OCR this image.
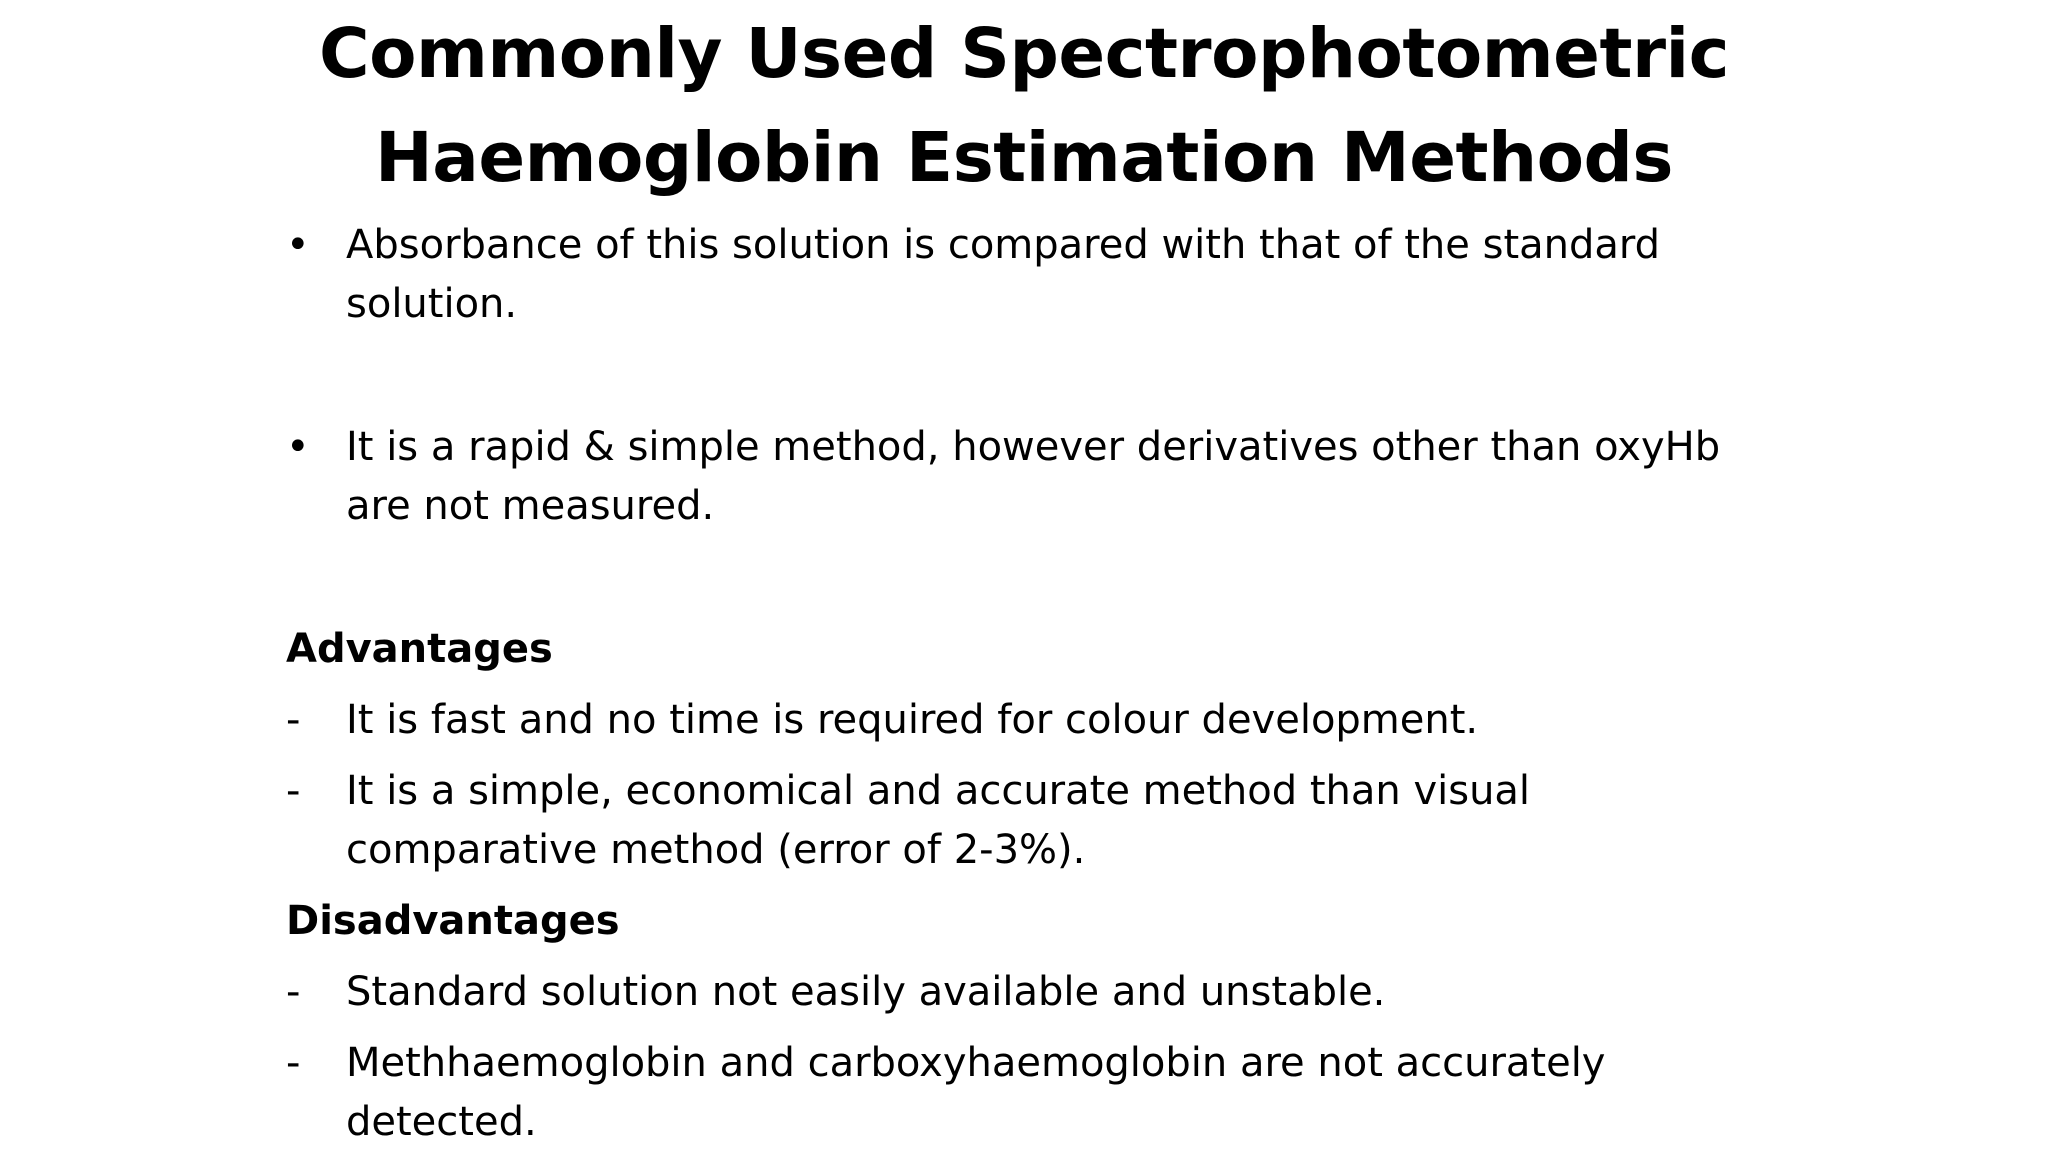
Commonly Used Spectrophotometric
Haemoglobin Estimation Methods
• Absorbance of this solution is compared with that of the standard solution.
• It is a rapid & simple method, however derivatives other than oxyHb are not measured.
Advantages
- It is fast and no time is required for colour development.
- It is a simple, economical and accurate method than visual comparative method (error of 2-3%).
Disadvantages
- Standard solution not easily available and unstable.
- Methhaemoglobin and carboxyhaemoglobin are not accurately detected.
